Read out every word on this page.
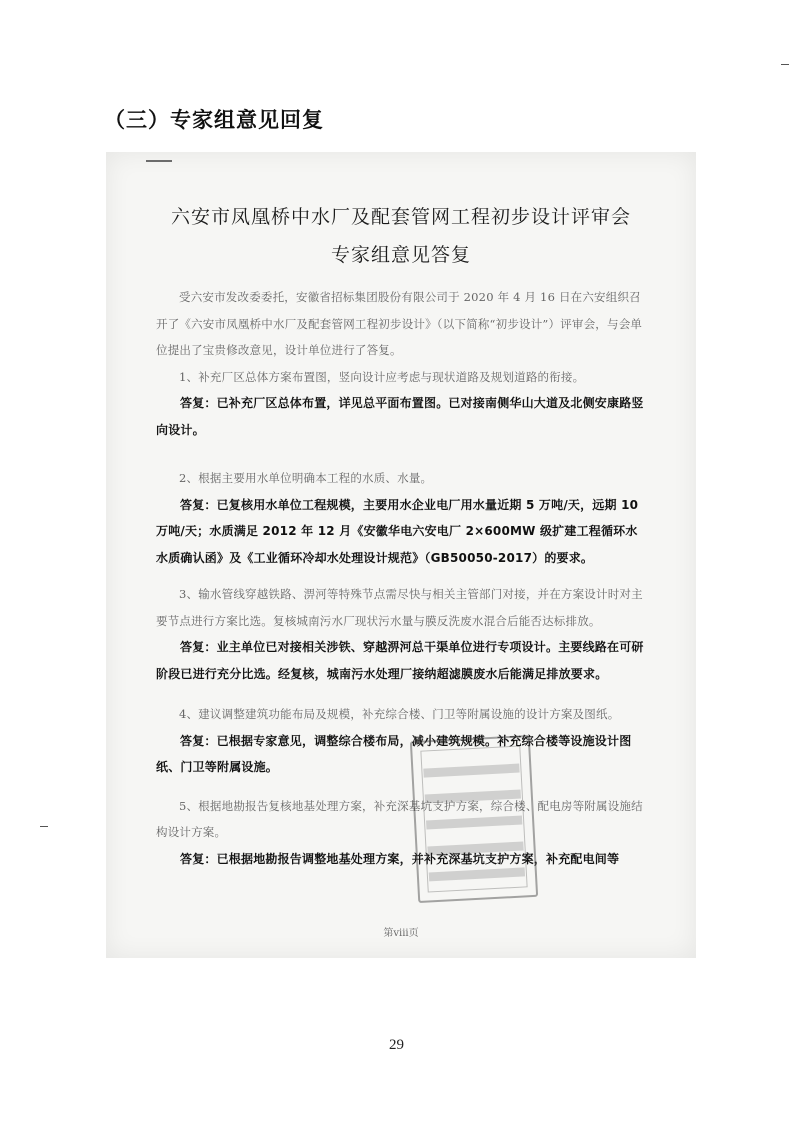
（三）专家组意见回复
六安市凤凰桥中水厂及配套管网工程初步设计评审会
专家组意见答复

受六安市发改委委托，安徽省招标集团股份有限公司于 2020 年 4 月 16 日在六安组织召开了《六安市凤凰桥中水厂及配套管网工程初步设计》（以下简称“初步设计”）评审会，与会单位提出了宝贵修改意见，设计单位进行了答复。

1、补充厂区总体方案布置图，竖向设计应考虑与现状道路及规划道路的衔接。

答复：已补充厂区总体布置，详见总平面布置图。已对接南侧华山大道及北侧安康路竖向设计。

2、根据主要用水单位明确本工程的水质、水量。

答复：已复核用水单位工程规模，主要用水企业电厂用水量近期 5 万吨/天，远期 10 万吨/天；水质满足 2012 年 12 月《安徽华电六安电厂 2×600MW 级扩建工程循环水水质确认函》及《工业循环冷却水处理设计规范》（GB50050-2017）的要求。

3、输水管线穿越铁路、淠河等特殊节点需尽快与相关主管部门对接，并在方案设计时对主要节点进行方案比选。复核城南污水厂现状污水量与膜反洗废水混合后能否达标排放。

答复：业主单位已对接相关涉铁、穿越淠河总干渠单位进行专项设计。主要线路在可研阶段已进行充分比选。经复核，城南污水处理厂接纳超滤膜废水后能满足排放要求。

4、建议调整建筑功能布局及规模，补充综合楼、门卫等附属设施的设计方案及图纸。

答复：已根据专家意见，调整综合楼布局，减小建筑规模。补充综合楼等设施设计图纸、门卫等附属设施。

5、根据地勘报告复核地基处理方案，补充深基坑支护方案，综合楼、配电房等附属设施结构设计方案。

答复：已根据地勘报告调整地基处理方案，并补充深基坑支护方案，补充配电间等

第viii页
29
